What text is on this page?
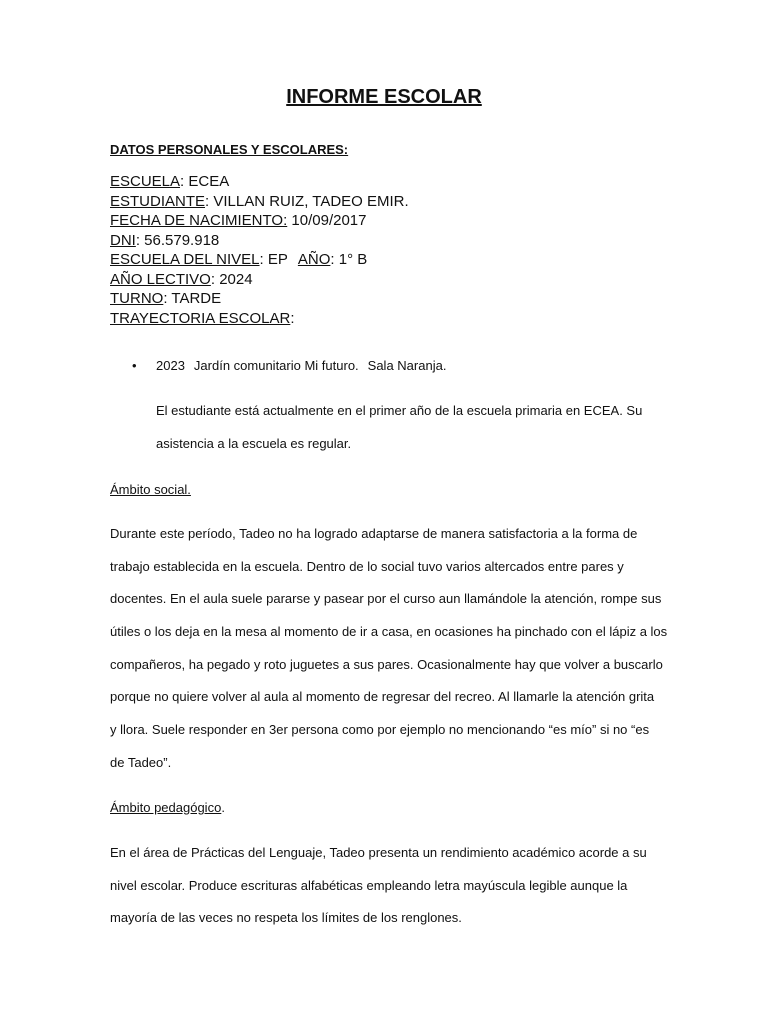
INFORME ESCOLAR
DATOS PERSONALES Y ESCOLARES:
ESCUELA: ECEA
ESTUDIANTE: VILLAN RUIZ, TADEO EMIR.
FECHA DE NACIMIENTO: 10/09/2017
DNI: 56.579.918
ESCUELA DEL NIVEL: EP AÑO: 1° B
AÑO LECTIVO: 2024
TURNO: TARDE
TRAYECTORIA ESCOLAR:
• 2023 Jardín comunitario Mi futuro. Sala Naranja.
El estudiante está actualmente en el primer año de la escuela primaria en ECEA. Su
asistencia a la escuela es regular.
Ámbito social.
Durante este período, Tadeo no ha logrado adaptarse de manera satisfactoria a la forma de
trabajo establecida en la escuela. Dentro de lo social tuvo varios altercados entre pares y
docentes. En el aula suele pararse y pasear por el curso aun llamándole la atención, rompe sus
útiles o los deja en la mesa al momento de ir a casa, en ocasiones ha pinchado con el lápiz a los
compañeros, ha pegado y roto juguetes a sus pares. Ocasionalmente hay que volver a buscarlo
porque no quiere volver al aula al momento de regresar del recreo. Al llamarle la atención grita
y llora. Suele responder en 3er persona como por ejemplo no mencionando “es mío” si no “es
de Tadeo”.
Ámbito pedagógico.
En el área de Prácticas del Lenguaje, Tadeo presenta un rendimiento académico acorde a su
nivel escolar. Produce escrituras alfabéticas empleando letra mayúscula legible aunque la
mayoría de las veces no respeta los límites de los renglones.
